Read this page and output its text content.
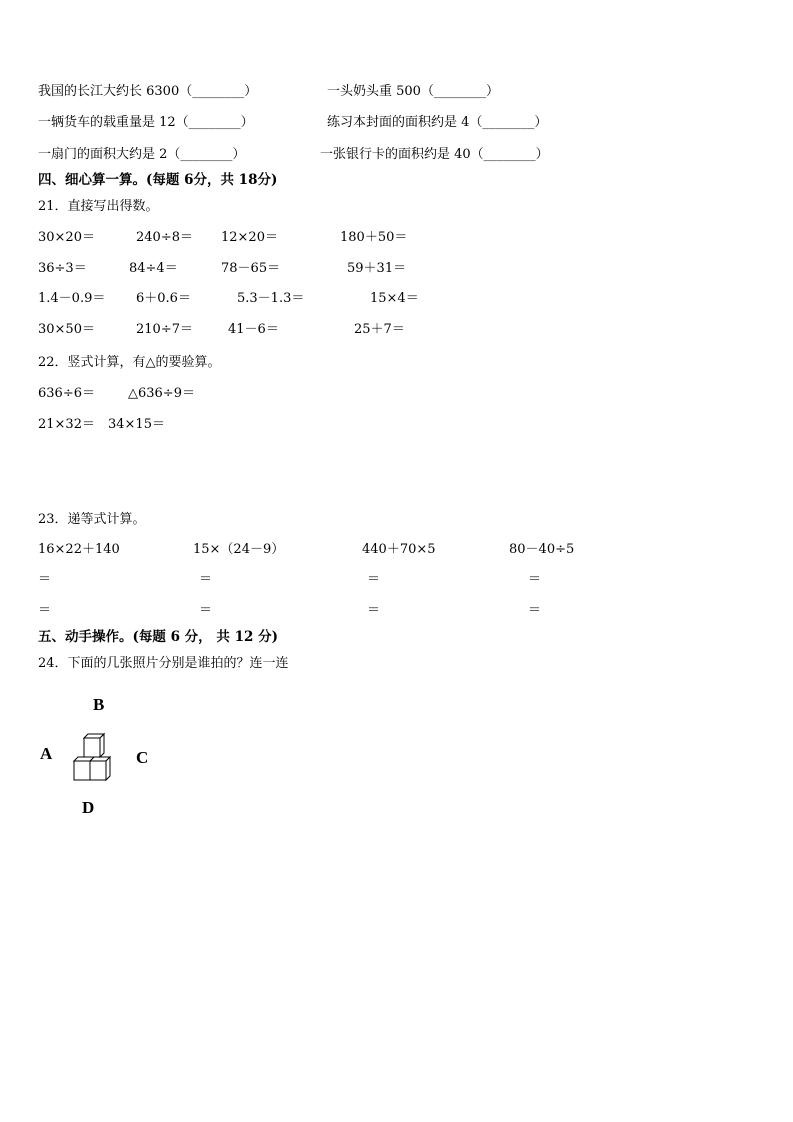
我国的长江大约长 6300（________）	一头奶头重 500（________）
一辆货车的载重量是 12（________）	练习本封面的面积约是 4（________）
一扇门的面积大约是 2（________）	一张银行卡的面积约是 40（________）
四、细心算一算。(每题 6分，共 18分)
21．直接写出得数。
30×20＝	240÷8＝ 12×20＝	180＋50＝
36÷3＝	84÷4＝	78－65＝	59＋31＝
1.4－0.9＝ 6＋0.6＝	5.3－1.3＝	15×4＝
30×50＝	210÷7＝	41－6＝	25＋7＝
22．竖式计算，有△的要验算。
636÷6＝	△636÷9＝
21×32＝ 34×15＝
23．递等式计算。
16×22＋140	15×（24－9）	440＋70×5	80－40÷5
＝	＝	＝	＝
＝	＝	＝	＝
五、动手操作。(每题 6 分， 共 12 分)
24．下面的几张照片分别是谁拍的？连一连
B
A	C
D
